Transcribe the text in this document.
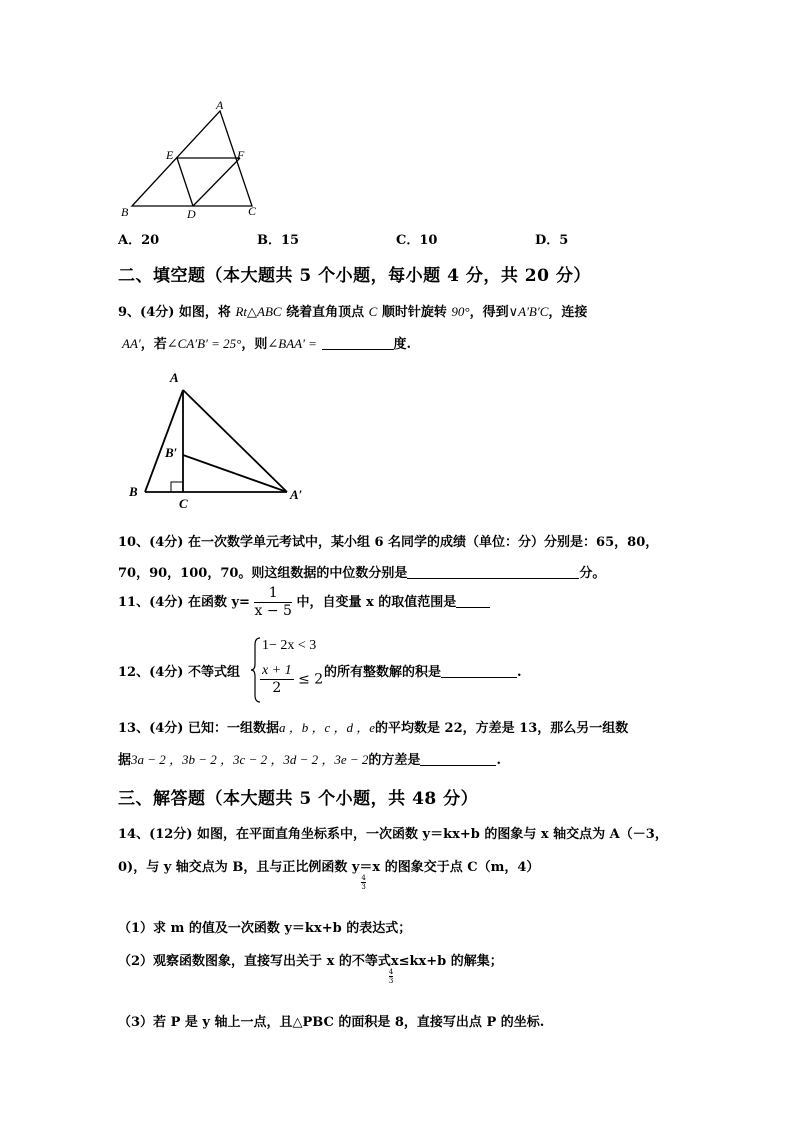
A
E	F
B	D	C
A．20	B．15	C．10	D．5
二、填空题（本大题共 5 个小题，每小题 4 分，共 20 分）
9、(4分) 如图，将 Rt△ABC 绕着直角顶点 C 顺时针旋转 90°，得到∨A′B′C，连接
AA′，若∠CA′B′ = 25°，则∠BAA′ =	度.
A
B′
B
C
A′
10、(4分) 在一次数学单元考试中，某小组 6 名同学的成绩（单位：分）分别是：65，80，
70，90，100，70。则这组数据的中位数分别是	分。
11、(4分) 在函数 $y= \frac{1}{x - 5}$ 中，自变量 x 的取值范围是
12、(4分) 不等式组
1− 2x < 3
$\frac{x + 1}{2} \le 2$ 的所有整数解的积是	.
13、(4分) 已知：一组数据a ，b ，c ，d ，e的平均数是 22，方差是 13，那么另一组数
据3a − 2 ，3b − 2 ，3c − 2 ，3d − 2 ，3e − 2的方差是	.
三、解答题（本大题共 5 个小题，共 48 分）
14、(12分) 如图，在平面直角坐标系中，一次函数 y＝kx+b 的图象与 x 轴交点为 A（－3，
0)，与 y 轴交点为 B，且与正比例函数 y＝x
$\frac{4}{3}$
的图象交于点 C（m，4）
（1）求 m 的值及一次函数 y＝kx+b 的表达式；
（2）观察函数图象，直接写出关于 x 的不等式x≤kx+b
$\frac{4}{3}$
的解集；
（3）若 P 是 y 轴上一点，且△PBC 的面积是 8，直接写出点 P 的坐标.
